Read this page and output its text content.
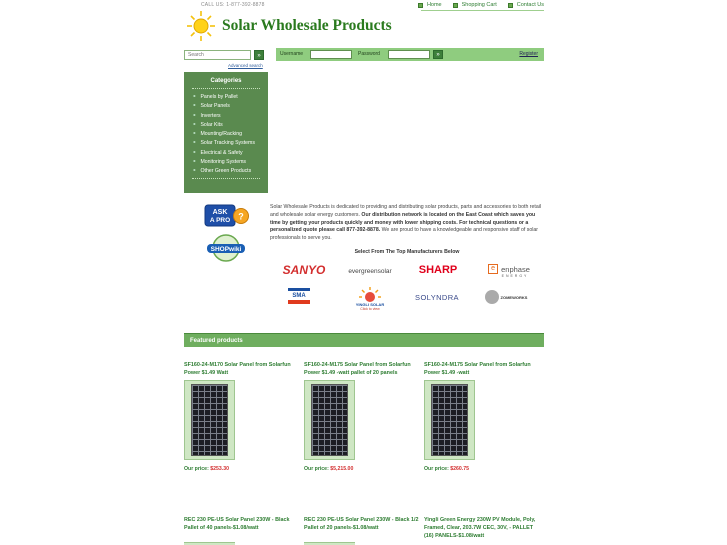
CALL US: 1-877-392-8878
Solar Wholesale Products
Home	Shopping Cart	Contact Us
Search
»
Advanced search
Username	Password	»	Register
Categories
► Panels by Pallet
► Solar Panels
► Inverters
► Solar Kits
► Mounting/Racking
► Solar Tracking Systems
► Electrical & Safety
► Monitoring Systems
► Other Green Products
ASK
A PRO ?
SHOPwiki
Solar Wholesale Products is dedicated to providing and distributing solar products, parts and accessories to both retail and wholesale solar energy customers. Our distribution network is located on the East Coast which saves you time by getting your products quickly and money with lower shipping costs. For technical questions or a personalized quote please call 877-392-8878. We are proud to have a knowledgeable and responsive staff of solar professionals to serve you.
Select From The Top Manufacturers Below
SANYO	evergreensolar	SHARP	e enphase
ENERGY
SMA
YINGLI SOLAR
Click to view
SOLYNDRA	ZOMEWORKS
Featured products
SF160-24-M170 Solar Panel from Solarfun Power $1.49 Watt
Our price: $253.30
SF160-24-M175 Solar Panel from Solarfun Power $1.49 -watt pallet of 20 panels
Our price: $5,215.00
SF160-24-M175 Solar Panel from Solarfun Power $1.49 -watt
Our price: $260.75
REC 230 PE-US Solar Panel 230W - Black Pallet of 40 panels-$1.08/watt
REC 230 PE-US Solar Panel 230W - Black 1/2 Pallet of 20 panels-$1.08/watt
Yingli Green Energy 230W PV Module, Poly, Framed, Clear, 203.7W CEC, 30V, - PALLET (16) PANELS-$1.08/watt
